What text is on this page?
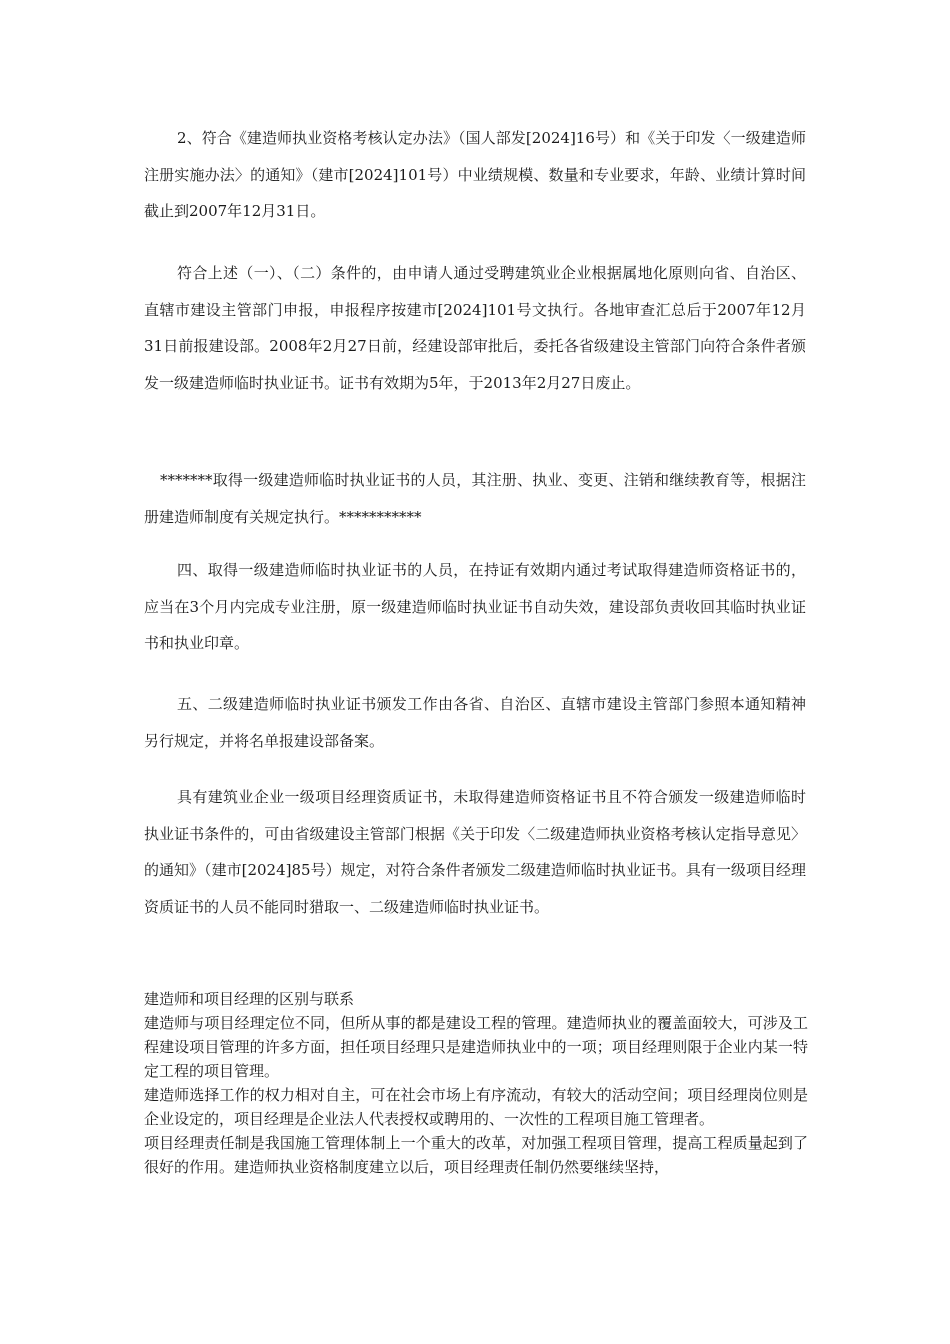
2、符合《建造师执业资格考核认定办法》（国人部发[2024]16号）和《关于印发〈一级建造师注册实施办法〉的通知》（建市[2024]101号）中业绩规模、数量和专业要求，年龄、业绩计算时间截止到2007年12月31日。

符合上述（一）、（二）条件的，由申请人通过受聘建筑业企业根据属地化原则向省、自治区、直辖市建设主管部门申报，申报程序按建市[2024]101号文执行。各地审查汇总后于2007年12月31日前报建设部。2008年2月27日前，经建设部审批后，委托各省级建设主管部门向符合条件者颁发一级建造师临时执业证书。证书有效期为5年，于2013年2月27日废止。

*******取得一级建造师临时执业证书的人员，其注册、执业、变更、注销和继续教育等，根据注册建造师制度有关规定执行。***********

四、取得一级建造师临时执业证书的人员，在持证有效期内通过考试取得建造师资格证书的，应当在3个月内完成专业注册，原一级建造师临时执业证书自动失效，建设部负责收回其临时执业证书和执业印章。

五、二级建造师临时执业证书颁发工作由各省、自治区、直辖市建设主管部门参照本通知精神另行规定，并将名单报建设部备案。

具有建筑业企业一级项目经理资质证书，未取得建造师资格证书且不符合颁发一级建造师临时执业证书条件的，可由省级建设主管部门根据《关于印发〈二级建造师执业资格考核认定指导意见〉的通知》（建市[2024]85号）规定，对符合条件者颁发二级建造师临时执业证书。具有一级项目经理资质证书的人员不能同时猎取一、二级建造师临时执业证书。

建造师和项目经理的区别与联系

建造师与项目经理定位不同，但所从事的都是建设工程的管理。建造师执业的覆盖面较大，可涉及工程建设项目管理的许多方面，担任项目经理只是建造师执业中的一项；项目经理则限于企业内某一特定工程的项目管理。

建造师选择工作的权力相对自主，可在社会市场上有序流动，有较大的活动空间；项目经理岗位则是企业设定的，项目经理是企业法人代表授权或聘用的、一次性的工程项目施工管理者。

项目经理责任制是我国施工管理体制上一个重大的改革，对加强工程项目管理，提高工程质量起到了很好的作用。建造师执业资格制度建立以后，项目经理责任制仍然要继续坚持，
